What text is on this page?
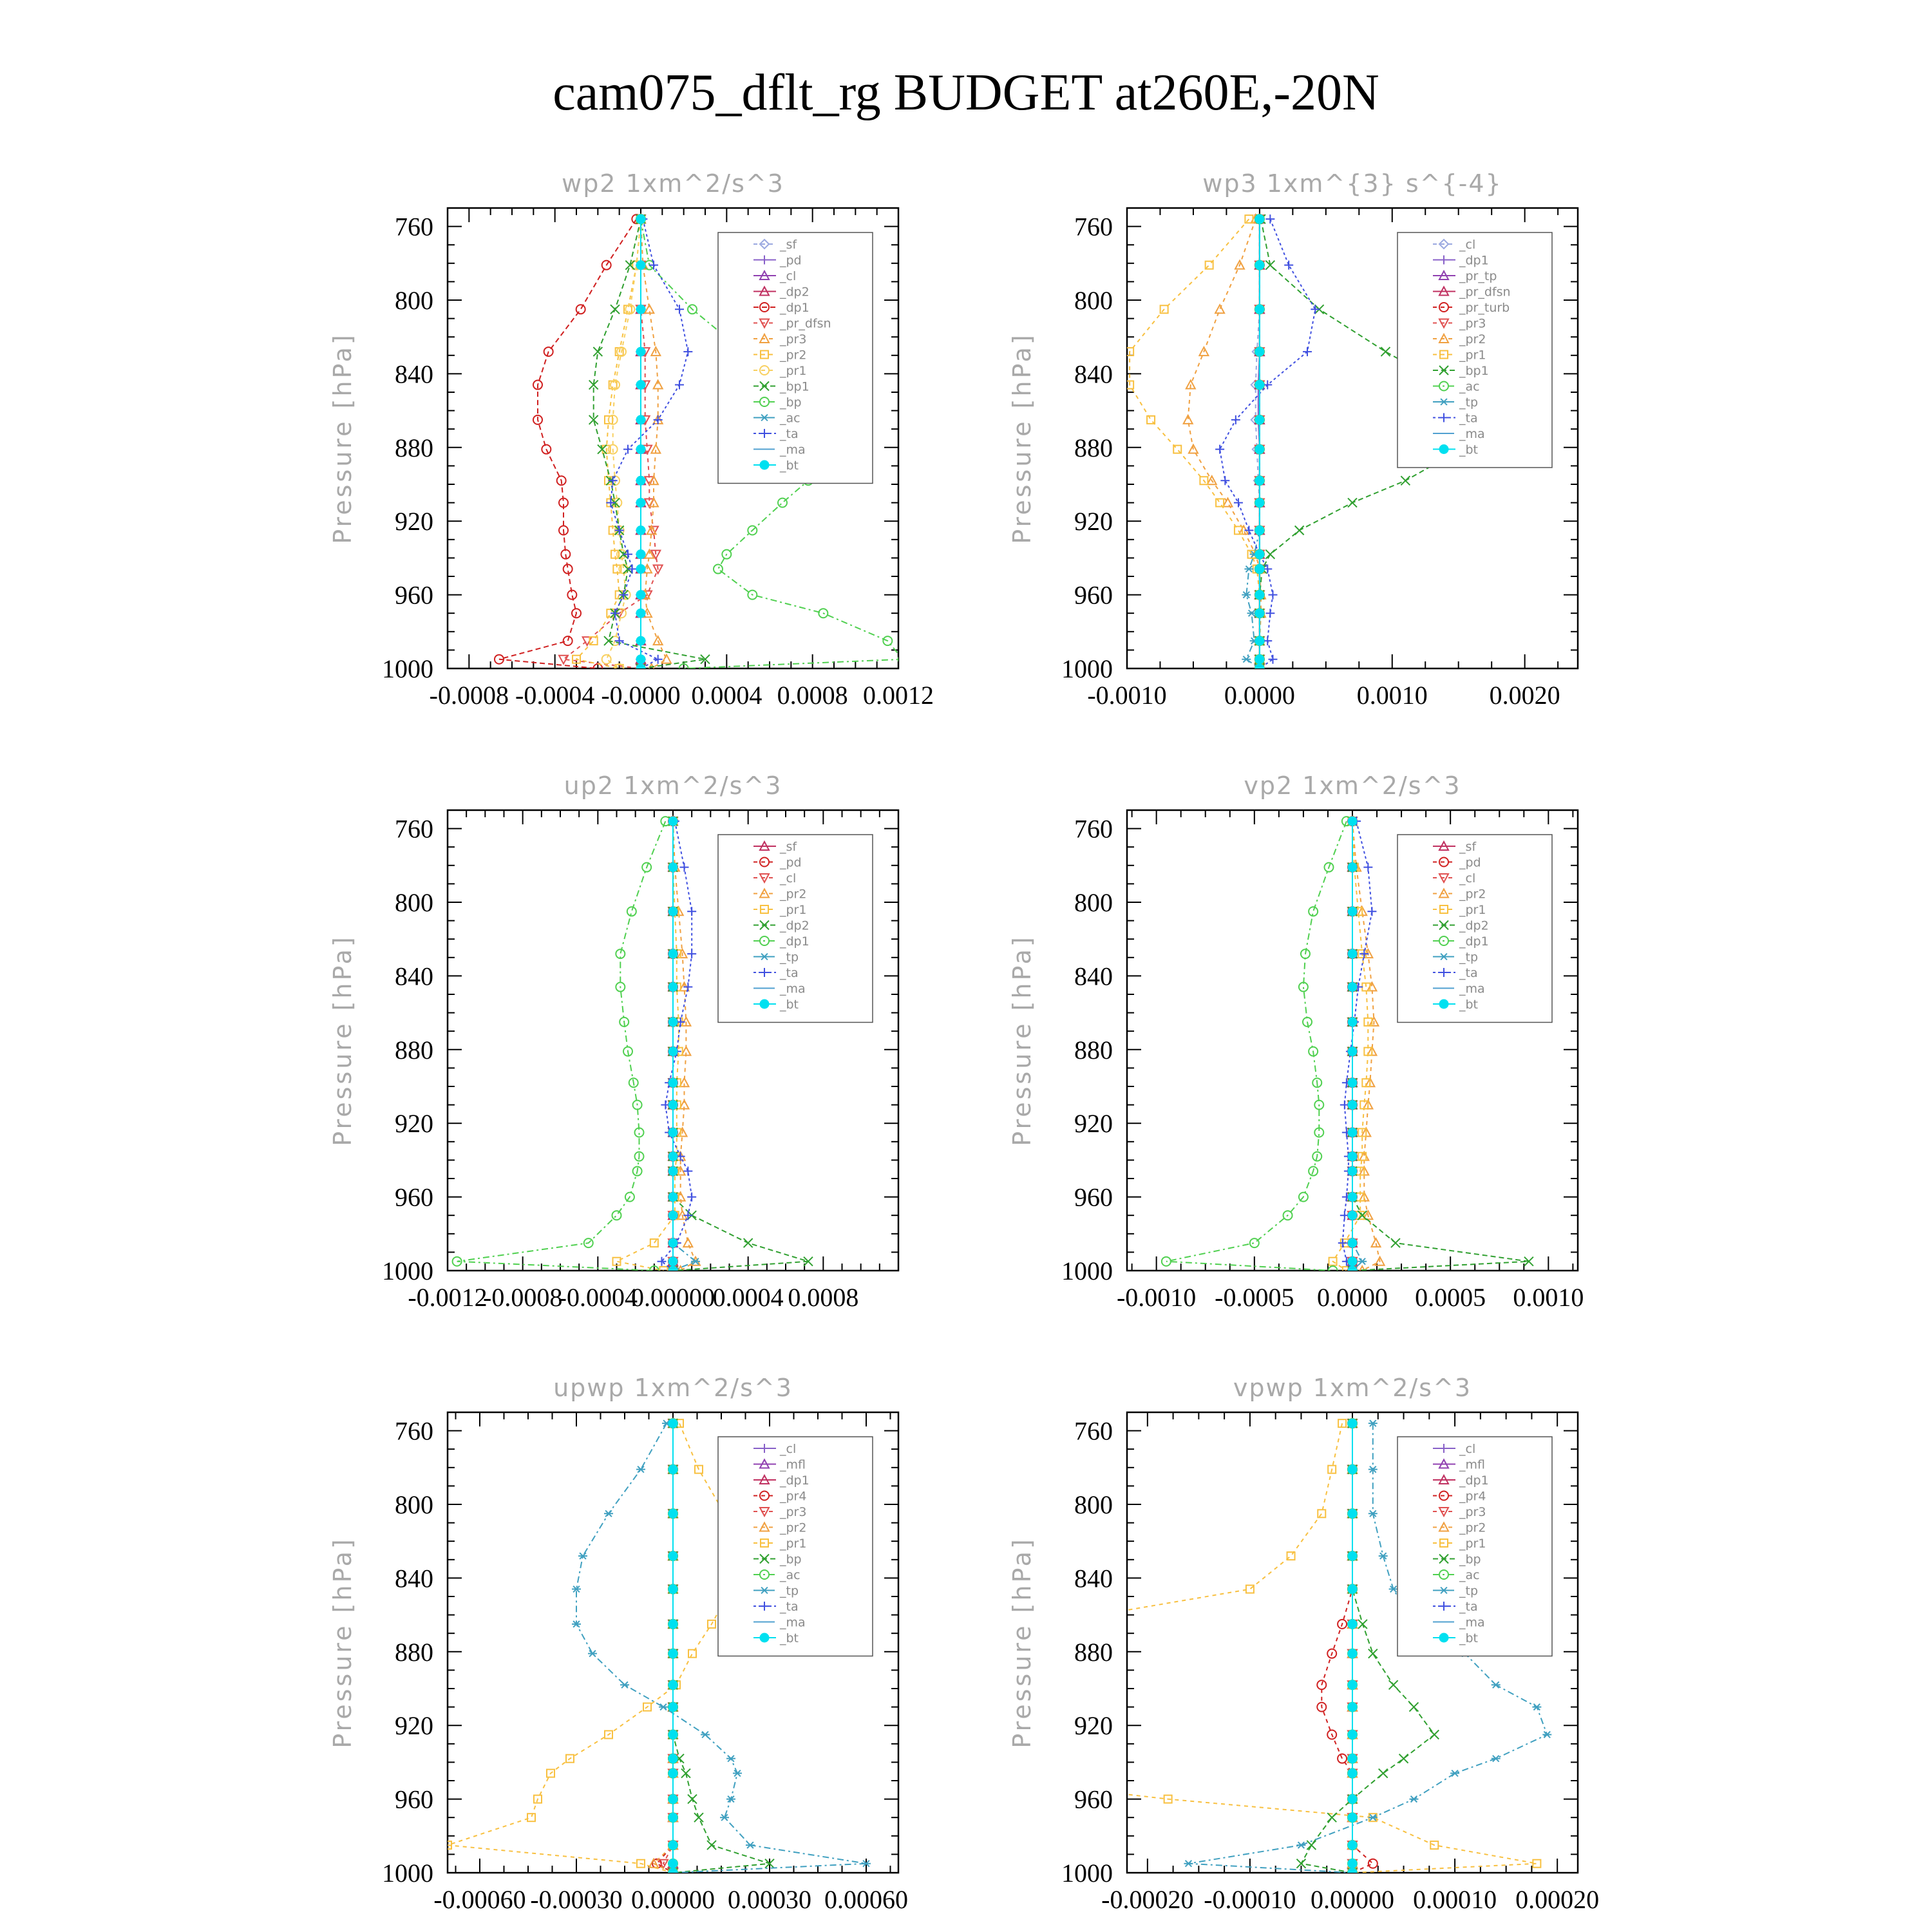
cam075_dflt_rg BUDGET at260E,-20N
wp2 1xm^2/s^3
Pressure [hPa]
760
800
840
880
920
960
1000
-0.0008 -0.0004 -0.0000 0.0004 0.0008 0.0012
_sf
_pd
_cl
_dp2
_dp1
_pr_dfsn
_pr3
_pr2
_pr1
_bp1
_bp
_ac
_ta
_ma
_bt
wp3 1xm^{3} s^{-4}
Pressure [hPa]
760
800
840
880
920
960
1000
-0.0010 0.0000 0.0010 0.0020
_cl
_dp1
_pr_tp
_pr_dfsn
_pr_turb
_pr3
_pr2
_pr1
_bp1
_ac
_tp
_ta
_ma
_bt
up2 1xm^2/s^3
Pressure [hPa]
760
800
840
880
920
960
1000
-0.0012
-0.0008
-0.0004
0.00000
0.0004 0.0008
_sf
_pd
_cl
_pr2
_pr1
_dp2
_dp1
_tp
_ta
_ma
_bt
vp2 1xm^2/s^3
Pressure [hPa]
760
800
840
880
920
960
1000
-0.0010 -0.0005 0.0000 0.0005 0.0010
_sf
_pd
_cl
_pr2
_pr1
_dp2
_dp1
_tp
_ta
_ma
_bt
upwp 1xm^2/s^3
Pressure [hPa]
760
800
840
880
920
960
1000
-0.00060 -0.00030 0.00000 0.00030 0.00060
_cl
_mfl
_dp1
_pr4
_pr3
_pr2
_pr1
_bp
_ac
_tp
_ta
_ma
_bt
vpwp 1xm^2/s^3
Pressure [hPa]
760
800
840
880
920
960
1000
-0.00020 -0.00010 0.00000 0.00010 0.00020
_cl
_mfl
_dp1
_pr4
_pr3
_pr2
_pr1
_bp
_ac
_tp
_ta
_ma
_bt
